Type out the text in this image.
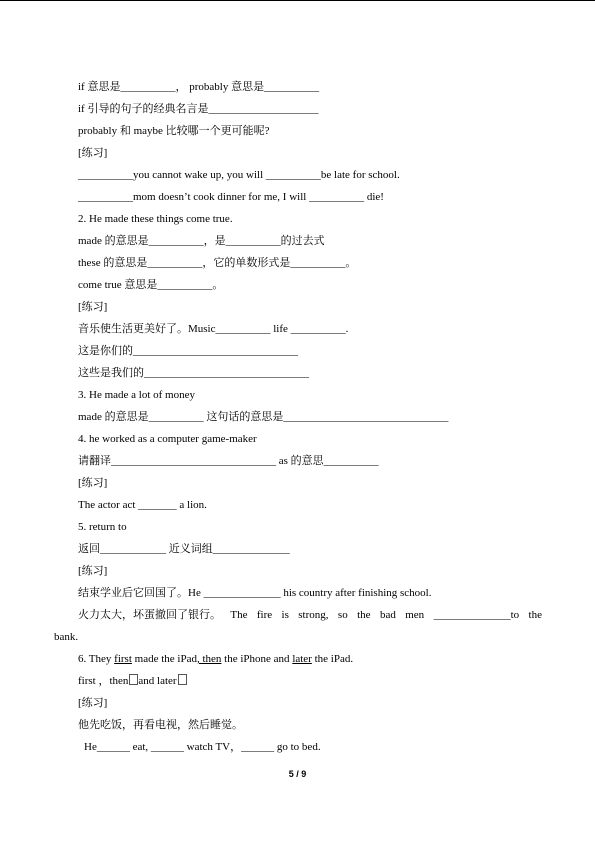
if 意思是__________， probably 意思是__________
if 引导的句子的经典名言是____________________
probably 和 maybe 比较哪一个更可能呢?
[练习]
__________you cannot wake up, you will __________be late for school.
__________mom doesn’t cook dinner for me, I will __________ die!
2. He made these things come true.
made 的意思是__________，是__________的过去式
these 的意思是__________，它的单数形式是__________。
come true 意思是__________。
[练习]
音乐使生活更美好了。Music__________ life __________.
这是你们的______________________________
这些是我们的______________________________
3. He made a lot of money
made 的意思是__________ 这句话的意思是______________________________
4. he worked as a computer game-maker
请翻译______________________________ as 的意思__________
[练习]
The actor act _______ a lion.
5. return to
返回____________ 近义词组______________
[练习]
结束学业后它回国了。He ______________ his country after finishing school.
火力太大，坏蛋撤回了银行。 The fire is strong, so the bad men ______________to the
bank.
6. They first made the iPad, then the iPhone and later the iPad.
first ，then and later
[练习]
他先吃饭，再看电视，然后睡觉。
He______ eat, ______ watch TV，______ go to bed.
5 / 9
